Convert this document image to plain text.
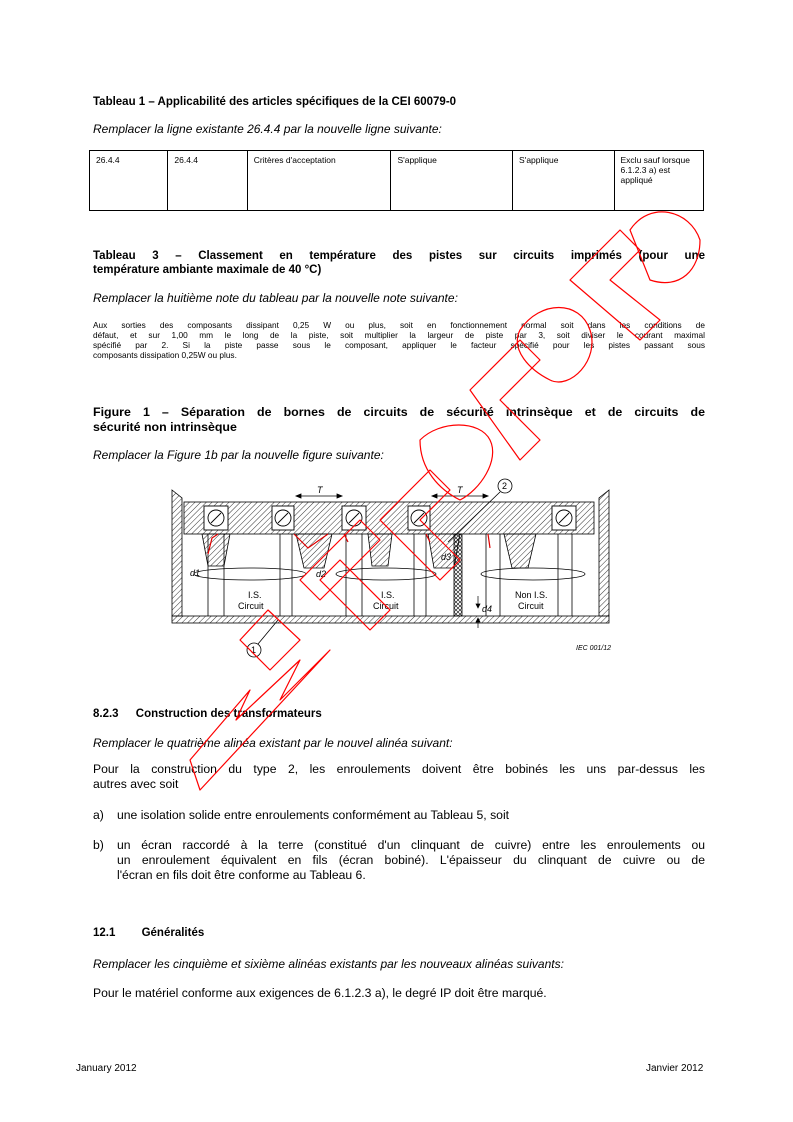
Tableau 1 – Applicabilité des articles spécifiques de la CEI 60079-0
Remplacer la ligne existante 26.4.4 par la nouvelle ligne suivante:
26.4.4	26.4.4	Critères d'acceptation	S'applique	S'applique	Exclu sauf lorsque 6.1.2.3 a) est appliqué
Tableau 3 – Classement en température des pistes sur circuits imprimés (pour une
température ambiante maximale de 40 °C)
Remplacer la huitième note du tableau par la nouvelle note suivante:
Aux sorties des composants dissipant 0,25 W ou plus, soit en fonctionnement normal soit dans les conditions de
défaut, et sur 1,00 mm le long de la piste, soit multiplier la largeur de piste par 3, soit diviser le courant maximal
spécifié par 2. Si la piste passe sous le composant, appliquer le facteur spécifié pour les pistes passant sous
composants dissipation 0,25W ou plus.
Figure 1 – Séparation de bornes de circuits de sécurité intrinsèque et de circuits de
sécurité non intrinsèque
Remplacer la Figure 1b par la nouvelle figure suivante:
T	T
d1	d2
d3
d4
I.S.
Circuit
I.S.
Circuit
Non I.S.
Circuit
2
1	IEC 001/12
8.2.3 Construction des transformateurs
Remplacer le quatrième alinéa existant par le nouvel alinéa suivant:
Pour la construction du type 2, les enroulements doivent être bobinés les uns par-dessus les
autres avec soit
a) une isolation solide entre enroulements conformément au Tableau 5, soit
b) un écran raccordé à la terre (constitué d'un clinquant de cuivre) entre les enroulements ou
un enroulement équivalent en fils (écran bobiné). L'épaisseur du clinquant de cuivre ou de
l'écran en fils doit être conforme au Tableau 6.
12.1 Généralités
Remplacer les cinquième et sixième alinéas existants par les nouveaux alinéas suivants:
Pour le matériel conforme aux exigences de 6.1.2.3 a), le degré IP doit être marqué.
January 2012	Janvier 2012
